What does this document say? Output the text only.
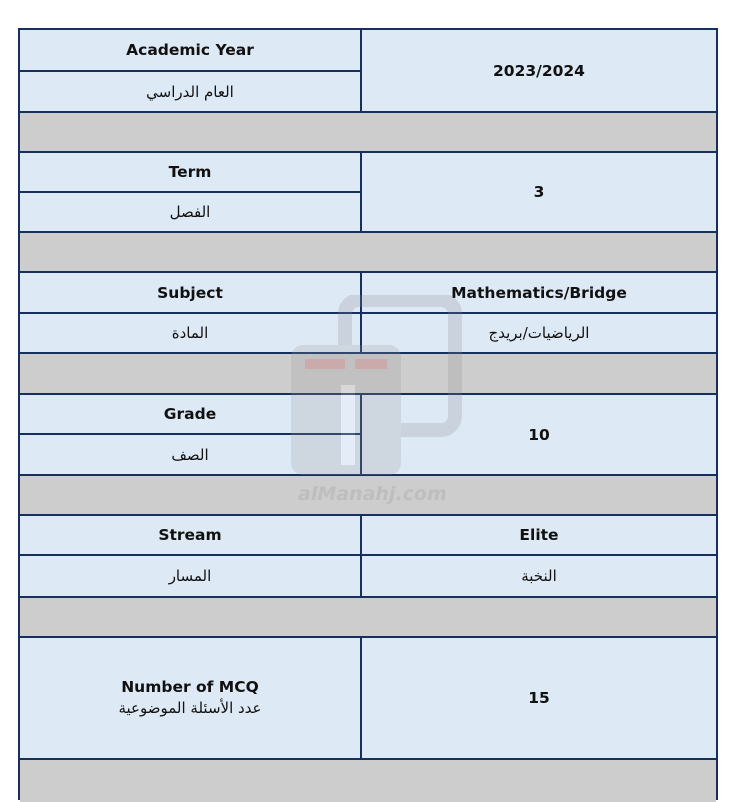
Academic Year
العام الدراسي
2023/2024
Term
الفصل
3
Subject
المادة
Mathematics/Bridge
الرياضيات/بريدج
Grade
الصف
10
Stream
المسار
Elite
النخبة
Number of MCQ
عدد الأسئلة الموضوعية
15
alManahj.com
